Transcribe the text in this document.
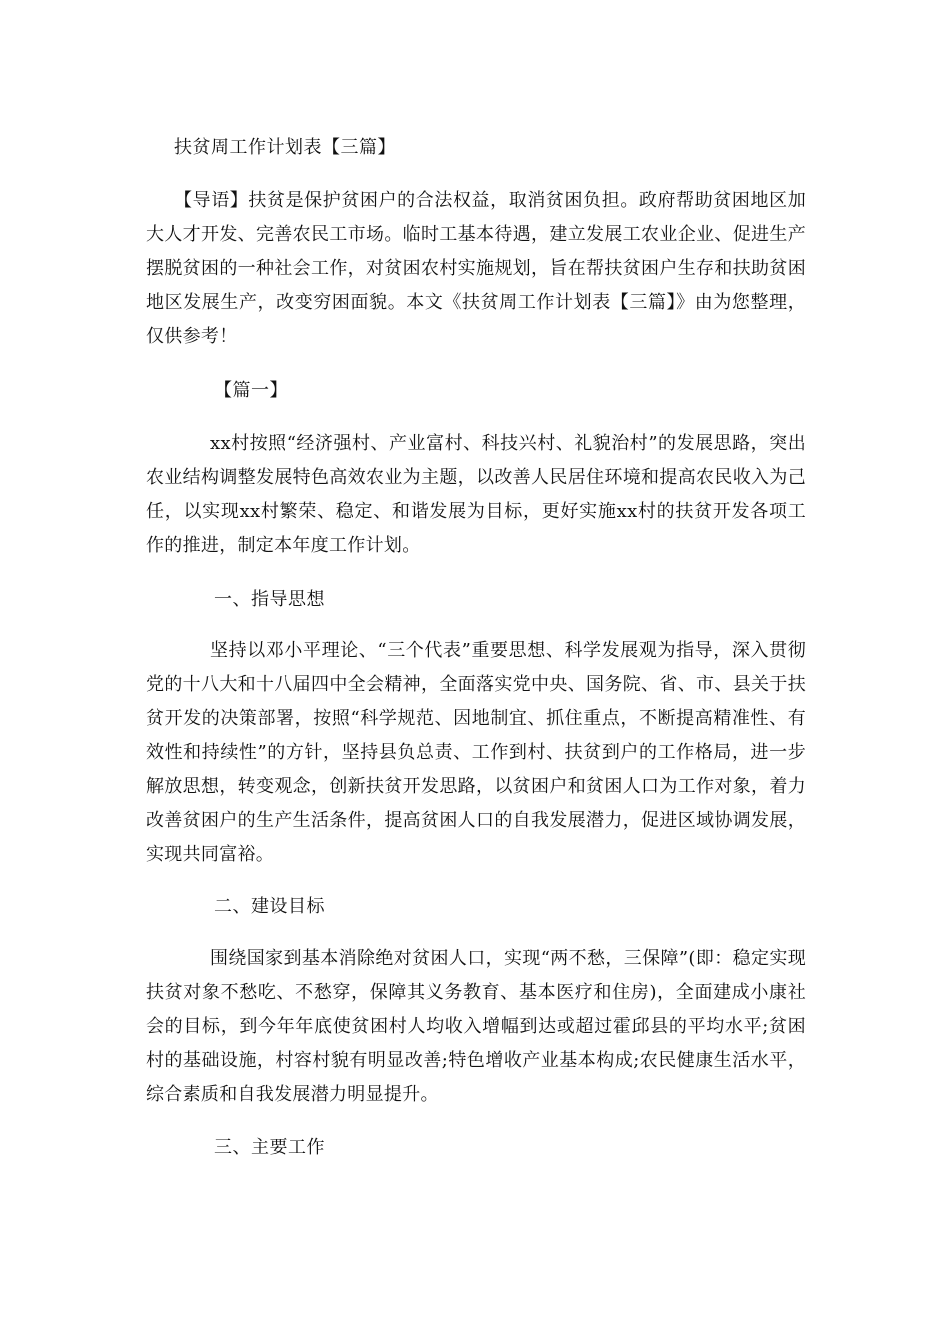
扶贫周工作计划表【三篇】

【导语】扶贫是保护贫困户的合法权益，取消贫困负担。政府帮助贫困地区加大人才开发、完善农民工市场。临时工基本待遇，建立发展工农业企业、促进生产摆脱贫困的一种社会工作，对贫困农村实施规划，旨在帮扶贫困户生存和扶助贫困地区发展生产，改变穷困面貌。本文《扶贫周工作计划表【三篇】》由为您整理，仅供参考！

【篇一】

xx村按照“经济强村、产业富村、科技兴村、礼貌治村”的发展思路，突出农业结构调整发展特色高效农业为主题，以改善人民居住环境和提高农民收入为己任，以实现xx村繁荣、稳定、和谐发展为目标，更好实施xx村的扶贫开发各项工作的推进，制定本年度工作计划。

一、指导思想

坚持以邓小平理论、“三个代表”重要思想、科学发展观为指导，深入贯彻党的十八大和十八届四中全会精神，全面落实党中央、国务院、省、市、县关于扶贫开发的决策部署，按照“科学规范、因地制宜、抓住重点，不断提高精准性、有效性和持续性”的方针，坚持县负总责、工作到村、扶贫到户的工作格局，进一步解放思想，转变观念，创新扶贫开发思路，以贫困户和贫困人口为工作对象，着力改善贫困户的生产生活条件，提高贫困人口的自我发展潜力，促进区域协调发展，实现共同富裕。

二、建设目标

围绕国家到基本消除绝对贫困人口，实现“两不愁，三保障”(即：稳定实现扶贫对象不愁吃、不愁穿，保障其义务教育、基本医疗和住房)，全面建成小康社会的目标，到今年年底使贫困村人均收入增幅到达或超过霍邱县的平均水平;贫困村的基础设施，村容村貌有明显改善;特色增收产业基本构成;农民健康生活水平，综合素质和自我发展潜力明显提升。

三、主要工作
